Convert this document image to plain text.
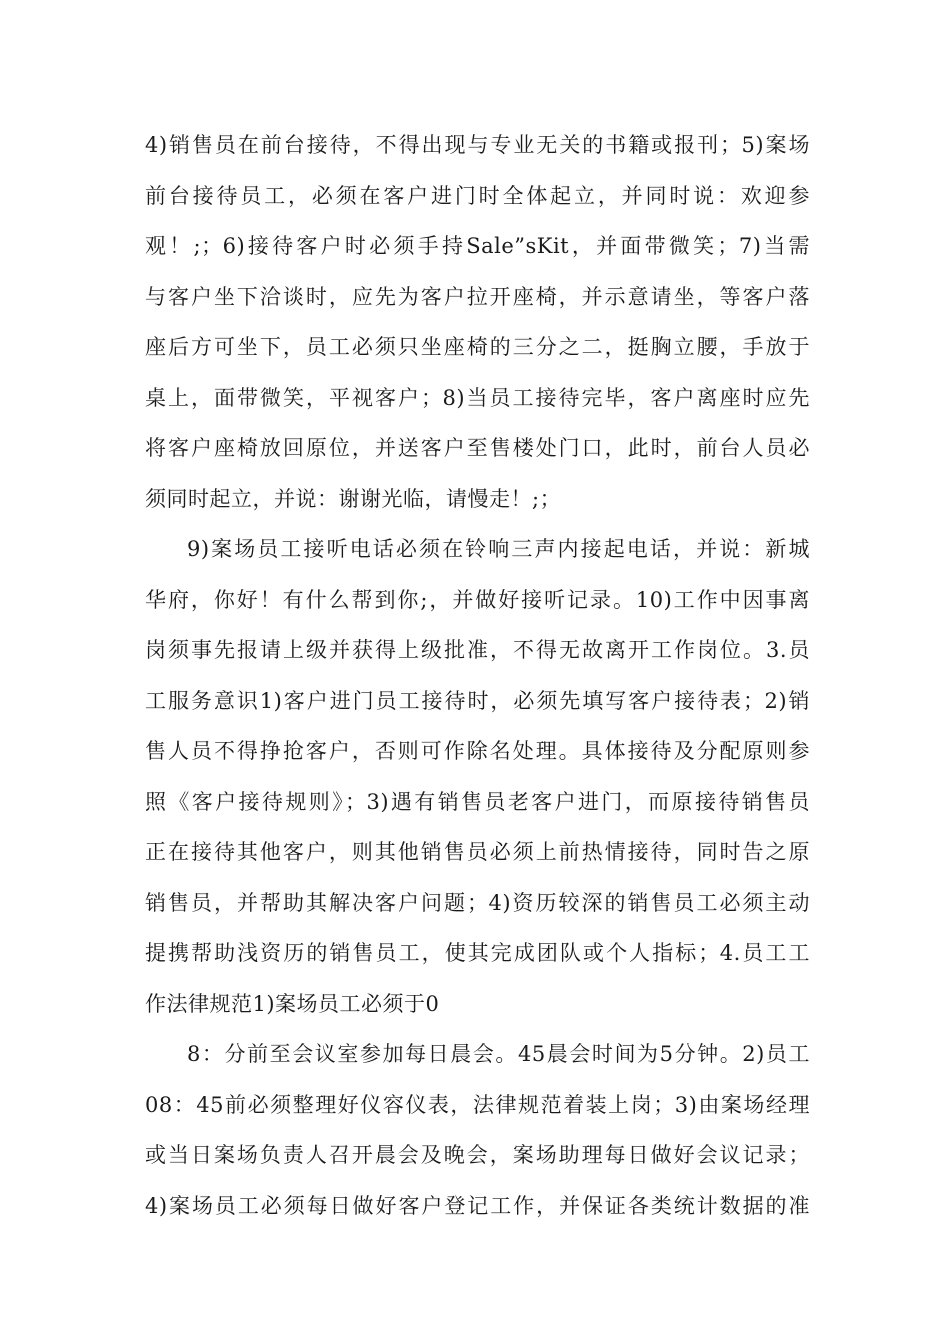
4)销售员在前台接待，不得出现与专业无关的书籍或报刊；5)案场
前台接待员工，必须在客户进门时全体起立，并同时说：欢迎参
观！;；6)接待客户时必须手持Sale”sKit，并面带微笑；7)当需
与客户坐下洽谈时，应先为客户拉开座椅，并示意请坐，等客户落
座后方可坐下，员工必须只坐座椅的三分之二，挺胸立腰，手放于
桌上，面带微笑，平视客户；8)当员工接待完毕，客户离座时应先
将客户座椅放回原位，并送客户至售楼处门口，此时，前台人员必
须同时起立，并说：谢谢光临，请慢走！;；
9)案场员工接听电话必须在铃响三声内接起电话，并说：新城
华府，你好！有什么帮到你;，并做好接听记录。10)工作中因事离
岗须事先报请上级并获得上级批准，不得无故离开工作岗位。3.员
工服务意识1)客户进门员工接待时，必须先填写客户接待表；2)销
售人员不得挣抢客户，否则可作除名处理。具体接待及分配原则参
照《客户接待规则》；3)遇有销售员老客户进门，而原接待销售员
正在接待其他客户，则其他销售员必须上前热情接待，同时告之原
销售员，并帮助其解决客户问题；4)资历较深的销售员工必须主动
提携帮助浅资历的销售员工，使其完成团队或个人指标；4.员工工
作法律规范1)案场员工必须于0
8：分前至会议室参加每日晨会。45晨会时间为5分钟。2)员工
08：45前必须整理好仪容仪表，法律规范着装上岗；3)由案场经理
或当日案场负责人召开晨会及晚会，案场助理每日做好会议记录；
4)案场员工必须每日做好客户登记工作，并保证各类统计数据的准
